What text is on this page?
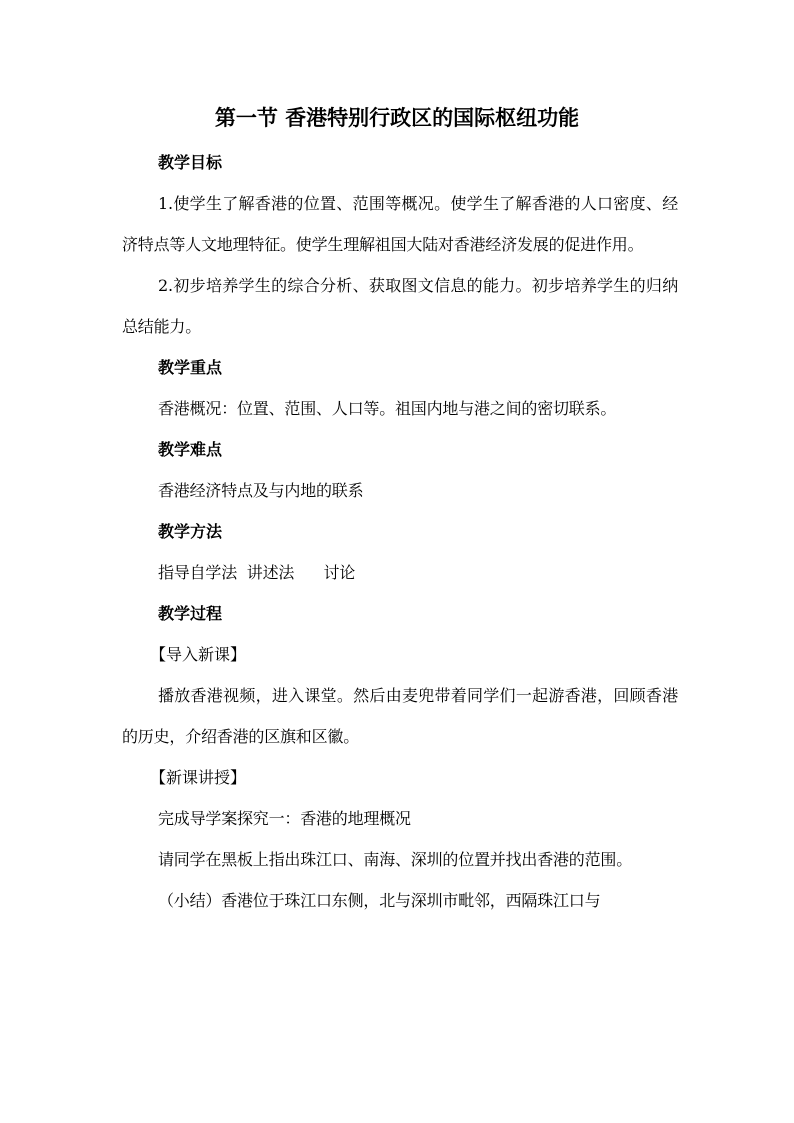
第一节 香港特别行政区的国际枢纽功能

教学目标

1.使学生了解香港的位置、范围等概况。使学生了解香港的人口密度、经济特点等人文地理特征。使学生理解祖国大陆对香港经济发展的促进作用。

2.初步培养学生的综合分析、获取图文信息的能力。初步培养学生的归纳总结能力。

教学重点

香港概况：位置、范围、人口等。祖国内地与港之间的密切联系。

教学难点

香港经济特点及与内地的联系

教学方法

指导自学法  讲述法      讨论

教学过程

【导入新课】

播放香港视频，进入课堂。然后由麦兜带着同学们一起游香港，回顾香港的历史，介绍香港的区旗和区徽。

【新课讲授】

完成导学案探究一：香港的地理概况

请同学在黑板上指出珠江口、南海、深圳的位置并找出香港的范围。

（小结）香港位于珠江口东侧，北与深圳市毗邻，西隔珠江口与
